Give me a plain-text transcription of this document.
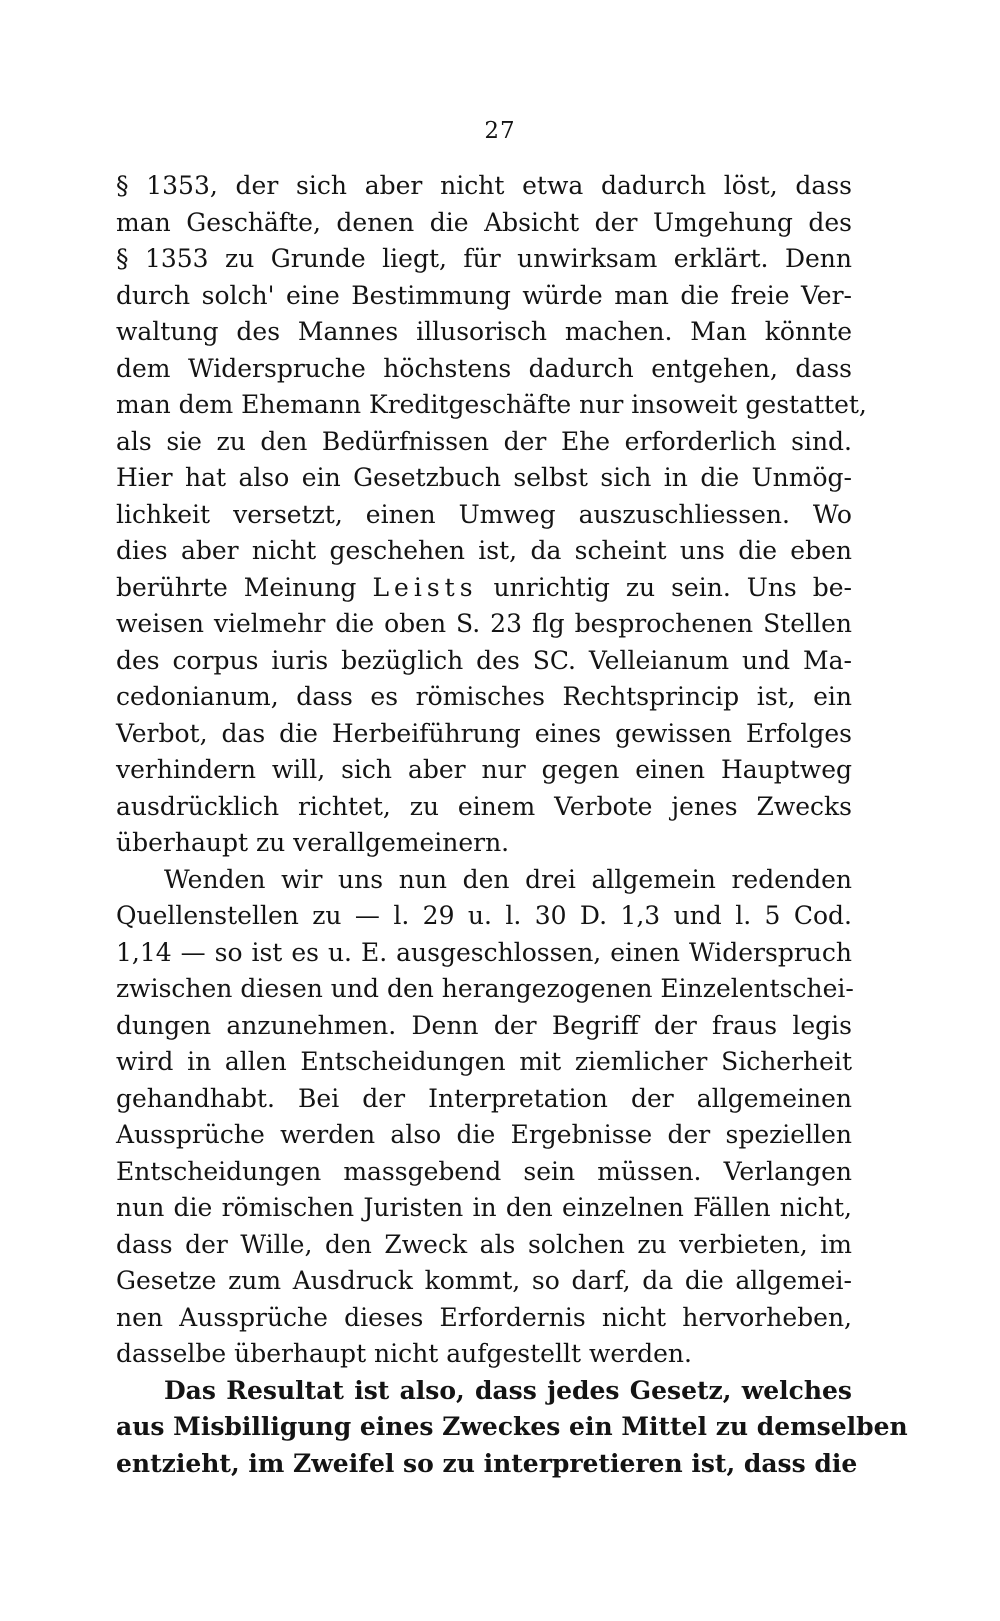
27
§ 1353, der sich aber nicht etwa dadurch löst, dass
man Geschäfte, denen die Absicht der Umgehung des
§ 1353 zu Grunde liegt, für unwirksam erklärt. Denn
durch solch' eine Bestimmung würde man die freie Ver-
waltung des Mannes illusorisch machen. Man könnte
dem Widerspruche höchstens dadurch entgehen, dass
man dem Ehemann Kreditgeschäfte nur insoweit gestattet,
als sie zu den Bedürfnissen der Ehe erforderlich sind.
Hier hat also ein Gesetzbuch selbst sich in die Unmög-
lichkeit versetzt, einen Umweg auszuschliessen. Wo
dies aber nicht geschehen ist, da scheint uns die eben
berührte Meinung Leists unrichtig zu sein. Uns be-
weisen vielmehr die oben S. 23 flg besprochenen Stellen
des corpus iuris bezüglich des SC. Velleianum und Ma-
cedonianum, dass es römisches Rechtsprincip ist, ein
Verbot, das die Herbeiführung eines gewissen Erfolges
verhindern will, sich aber nur gegen einen Hauptweg
ausdrücklich richtet, zu einem Verbote jenes Zwecks
überhaupt zu verallgemeinern.
Wenden wir uns nun den drei allgemein redenden
Quellenstellen zu — l. 29 u. l. 30 D. 1,3 und l. 5 Cod.
1,14 — so ist es u. E. ausgeschlossen, einen Widerspruch
zwischen diesen und den herangezogenen Einzelentschei-
dungen anzunehmen. Denn der Begriff der fraus legis
wird in allen Entscheidungen mit ziemlicher Sicherheit
gehandhabt. Bei der Interpretation der allgemeinen
Aussprüche werden also die Ergebnisse der speziellen
Entscheidungen massgebend sein müssen. Verlangen
nun die römischen Juristen in den einzelnen Fällen nicht,
dass der Wille, den Zweck als solchen zu verbieten, im
Gesetze zum Ausdruck kommt, so darf, da die allgemei-
nen Aussprüche dieses Erfordernis nicht hervorheben,
dasselbe überhaupt nicht aufgestellt werden.
Das Resultat ist also, dass jedes Gesetz, welches
aus Misbilligung eines Zweckes ein Mittel zu demselben
entzieht, im Zweifel so zu interpretieren ist, dass die
